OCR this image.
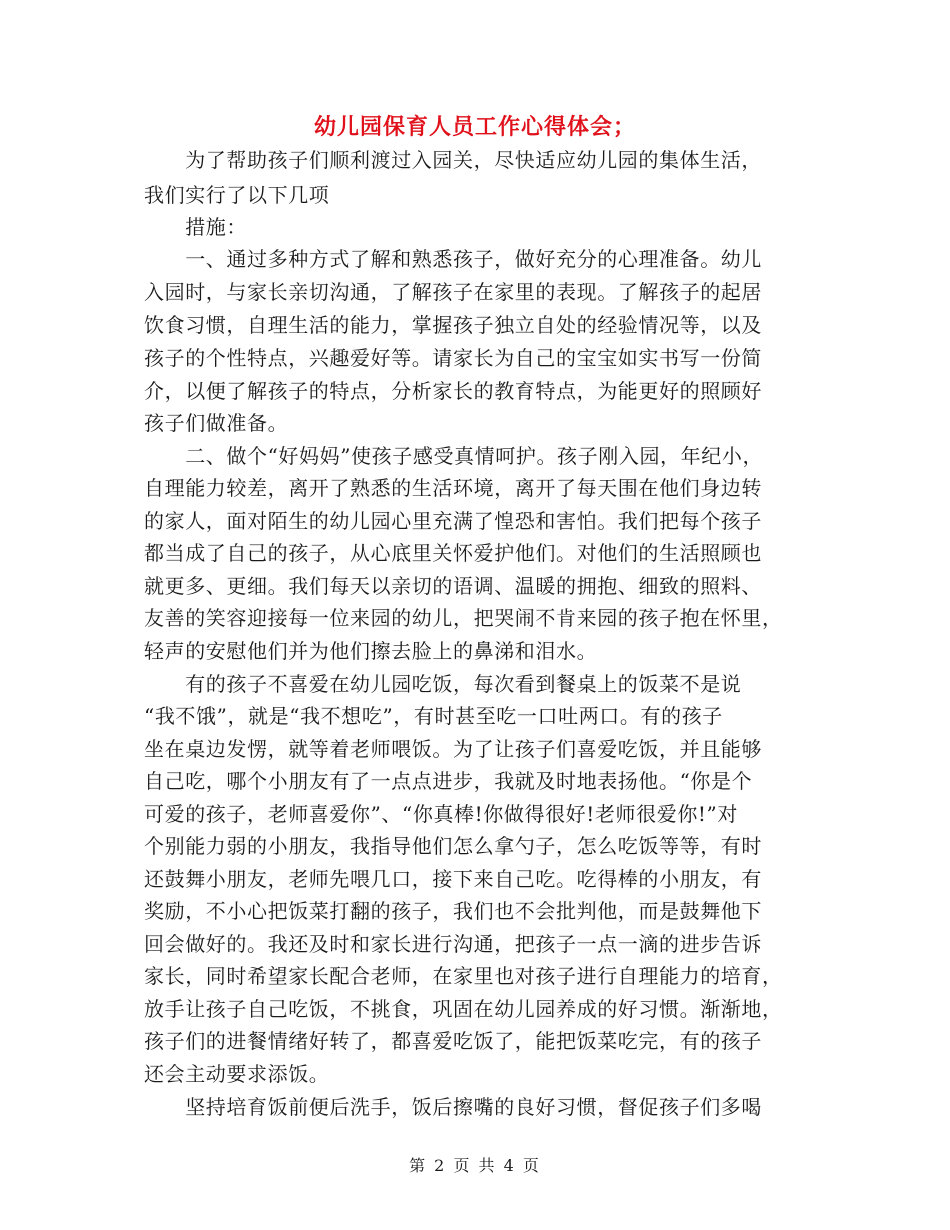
幼儿园保育人员工作心得体会；
　　为了帮助孩子们顺利渡过入园关，尽快适应幼儿园的集体生活，
我们实行了以下几项
　　措施：
　　一、通过多种方式了解和熟悉孩子，做好充分的心理准备。幼儿
入园时，与家长亲切沟通，了解孩子在家里的表现。了解孩子的起居
饮食习惯，自理生活的能力，掌握孩子独立自处的经验情况等，以及
孩子的个性特点，兴趣爱好等。请家长为自己的宝宝如实书写一份简
介，以便了解孩子的特点，分析家长的教育特点，为能更好的照顾好
孩子们做准备。
　　二、做个“好妈妈”使孩子感受真情呵护。孩子刚入园，年纪小，
自理能力较差，离开了熟悉的生活环境，离开了每天围在他们身边转
的家人，面对陌生的幼儿园心里充满了惶恐和害怕。我们把每个孩子
都当成了自己的孩子，从心底里关怀爱护他们。对他们的生活照顾也
就更多、更细。我们每天以亲切的语调、温暖的拥抱、细致的照料、
友善的笑容迎接每一位来园的幼儿，把哭闹不肯来园的孩子抱在怀里，
轻声的安慰他们并为他们擦去脸上的鼻涕和泪水。
　　有的孩子不喜爱在幼儿园吃饭，每次看到餐桌上的饭菜不是说
“我不饿”，就是“我不想吃”，有时甚至吃一口吐两口。有的孩子
坐在桌边发愣，就等着老师喂饭。为了让孩子们喜爱吃饭，并且能够
自己吃，哪个小朋友有了一点点进步，我就及时地表扬他。“你是个
可爱的孩子，老师喜爱你”、“你真棒!你做得很好!老师很爱你!”对
个别能力弱的小朋友，我指导他们怎么拿勺子，怎么吃饭等等，有时
还鼓舞小朋友，老师先喂几口，接下来自己吃。吃得棒的小朋友，有
奖励，不小心把饭菜打翻的孩子，我们也不会批判他，而是鼓舞他下
回会做好的。我还及时和家长进行沟通，把孩子一点一滴的进步告诉
家长，同时希望家长配合老师，在家里也对孩子进行自理能力的培育，
放手让孩子自己吃饭，不挑食，巩固在幼儿园养成的好习惯。渐渐地，
孩子们的进餐情绪好转了，都喜爱吃饭了，能把饭菜吃完，有的孩子
还会主动要求添饭。
　　坚持培育饭前便后洗手，饭后擦嘴的良好习惯，督促孩子们多喝
第 2 页 共 4 页
